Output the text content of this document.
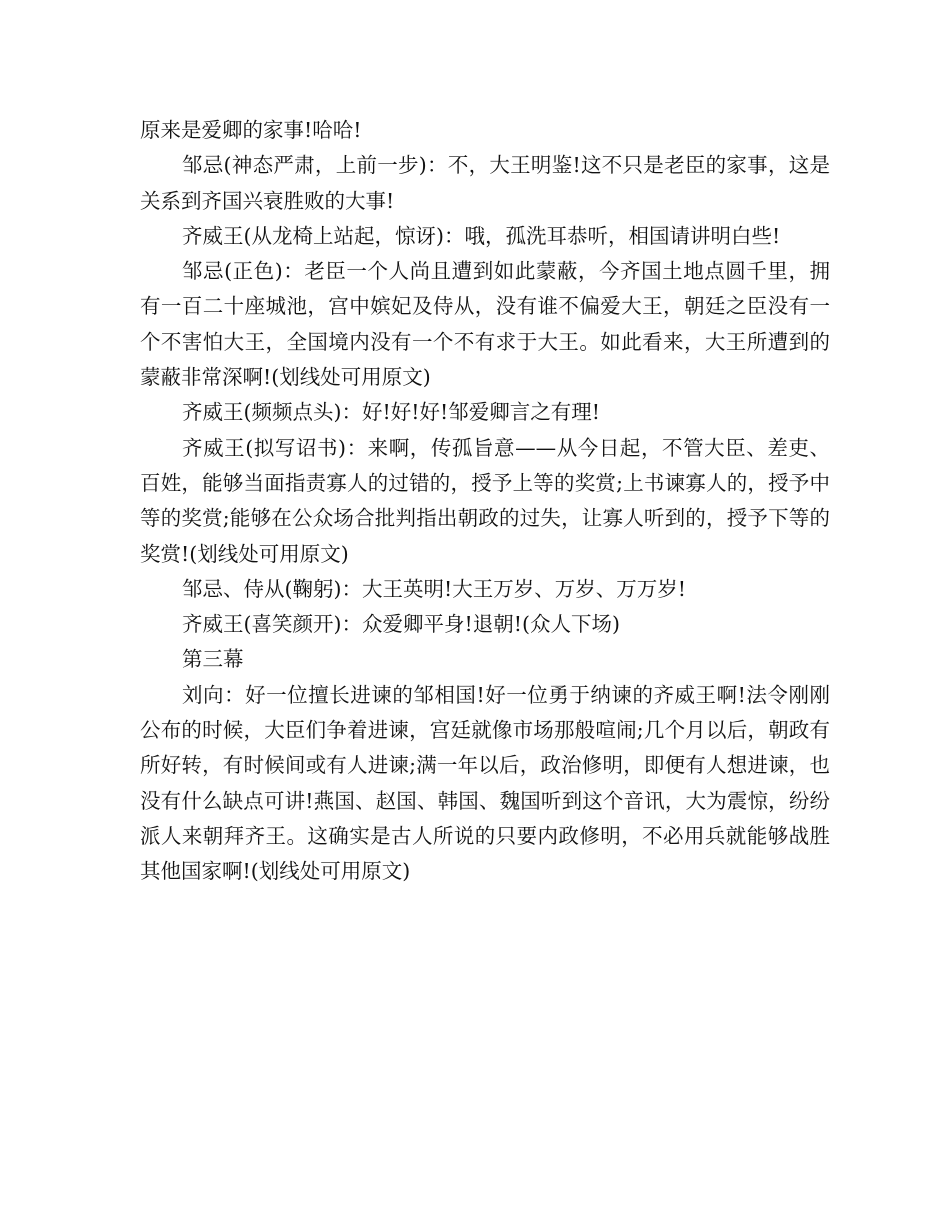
原来是爱卿的家事!哈哈!

邹忌(神态严肃，上前一步)：不，大王明鉴!这不只是老臣的家事，这是关系到齐国兴衰胜败的大事!

齐威王(从龙椅上站起，惊讶)：哦，孤洗耳恭听，相国请讲明白些!

邹忌(正色)：老臣一个人尚且遭到如此蒙蔽，今齐国土地点圆千里，拥有一百二十座城池，宫中嫔妃及侍从，没有谁不偏爱大王，朝廷之臣没有一个不害怕大王，全国境内没有一个不有求于大王。如此看来，大王所遭到的蒙蔽非常深啊!(划线处可用原文)

齐威王(频频点头)：好!好!好!邹爱卿言之有理!

齐威王(拟写诏书)：来啊，传孤旨意——从今日起，不管大臣、差吏、百姓，能够当面指责寡人的过错的，授予上等的奖赏;上书谏寡人的，授予中等的奖赏;能够在公众场合批判指出朝政的过失，让寡人听到的，授予下等的奖赏!(划线处可用原文)

邹忌、侍从(鞠躬)：大王英明!大王万岁、万岁、万万岁!

齐威王(喜笑颜开)：众爱卿平身!退朝!(众人下场)

第三幕

刘向：好一位擅长进谏的邹相国!好一位勇于纳谏的齐威王啊!法令刚刚公布的时候，大臣们争着进谏，宫廷就像市场那般喧闹;几个月以后，朝政有所好转，有时候间或有人进谏;满一年以后，政治修明，即便有人想进谏，也没有什么缺点可讲!燕国、赵国、韩国、魏国听到这个音讯，大为震惊，纷纷派人来朝拜齐王。这确实是古人所说的只要内政修明，不必用兵就能够战胜其他国家啊!(划线处可用原文)
